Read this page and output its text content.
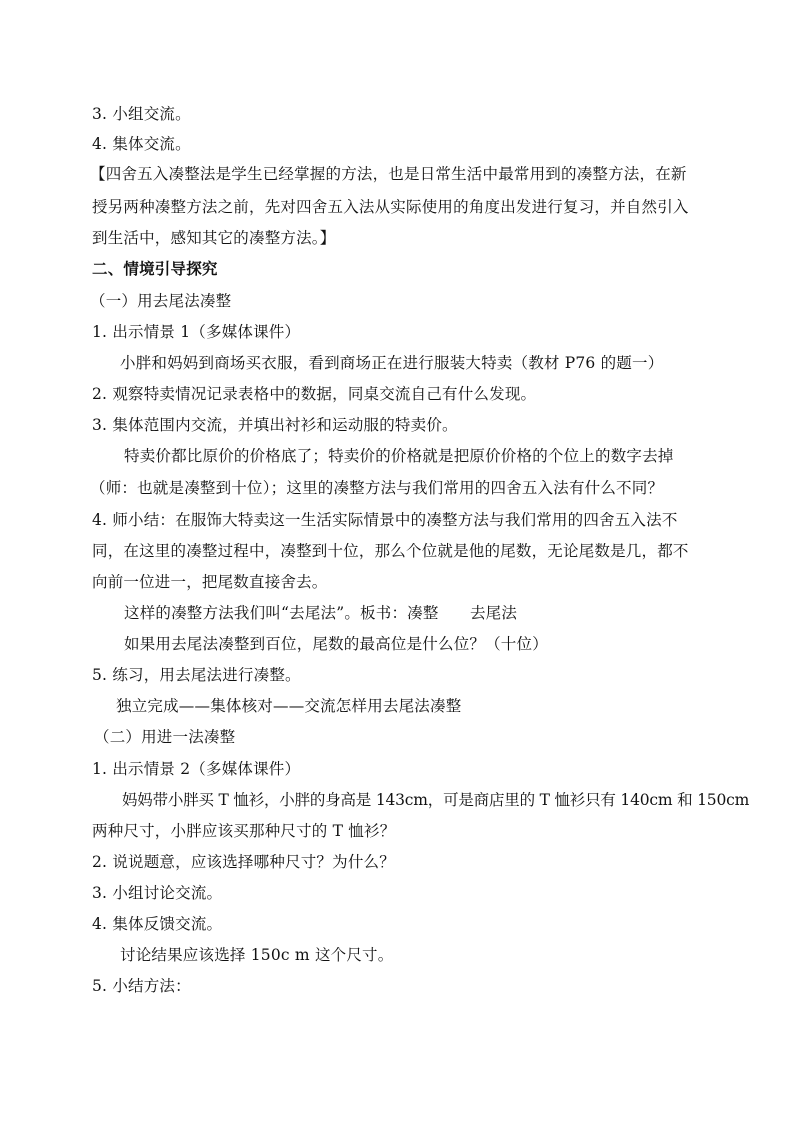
3. 小组交流。
4. 集体交流。
【四舍五入凑整法是学生已经掌握的方法，也是日常生活中最常用到的凑整方法，在新
授另两种凑整方法之前，先对四舍五入法从实际使用的角度出发进行复习，并自然引入
到生活中，感知其它的凑整方法。】
二、情境引导探究
（一）用去尾法凑整
1. 出示情景 1（多媒体课件）
小胖和妈妈到商场买衣服，看到商场正在进行服装大特卖（教材 P76 的题一）
2. 观察特卖情况记录表格中的数据，同桌交流自己有什么发现。
3. 集体范围内交流，并填出衬衫和运动服的特卖价。
特卖价都比原价的价格底了；特卖价的价格就是把原价价格的个位上的数字去掉
（师：也就是凑整到十位）；这里的凑整方法与我们常用的四舍五入法有什么不同？
4. 师小结：在服饰大特卖这一生活实际情景中的凑整方法与我们常用的四舍五入法不
同，在这里的凑整过程中，凑整到十位，那么个位就是他的尾数，无论尾数是几，都不
向前一位进一，把尾数直接舍去。
这样的凑整方法我们叫“去尾法”。板书：凑整　　去尾法
如果用去尾法凑整到百位，尾数的最高位是什么位？（十位）
5. 练习，用去尾法进行凑整。
独立完成——集体核对——交流怎样用去尾法凑整
（二）用进一法凑整
1. 出示情景 2（多媒体课件）
妈妈带小胖买 T 恤衫，小胖的身高是 143cm，可是商店里的 T 恤衫只有 140cm 和 150cm
两种尺寸，小胖应该买那种尺寸的 T 恤衫？
2. 说说题意，应该选择哪种尺寸？为什么？
3. 小组讨论交流。
4. 集体反馈交流。
讨论结果应该选择 150c m 这个尺寸。
5. 小结方法：
